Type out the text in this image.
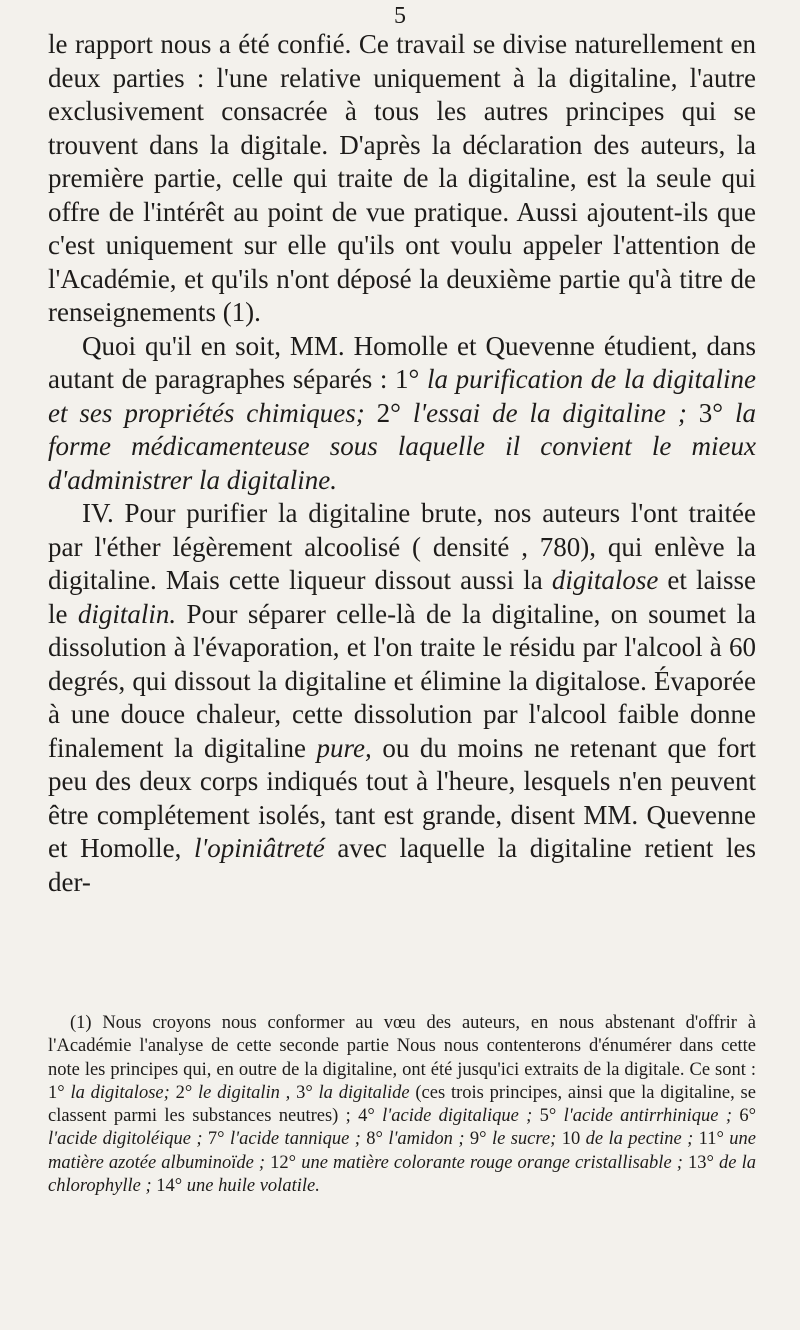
5

le rapport nous a été confié. Ce travail se divise naturellement en deux parties : l'une relative uniquement à la digitaline, l'autre exclusivement consacrée à tous les autres principes qui se trouvent dans la digitale. D'après la déclaration des auteurs, la première partie, celle qui traite de la digitaline, est la seule qui offre de l'intérêt au point de vue pratique. Aussi ajoutent-ils que c'est uniquement sur elle qu'ils ont voulu appeler l'attention de l'Académie, et qu'ils n'ont déposé la deuxième partie qu'à titre de renseignements (1).

Quoi qu'il en soit, MM. Homolle et Quevenne étudient, dans autant de paragraphes séparés : 1° la purification de la digitaline et ses propriétés chimiques; 2° l'essai de la digitaline ; 3° la forme médicamenteuse sous laquelle il convient le mieux d'administrer la digitaline.

IV. Pour purifier la digitaline brute, nos auteurs l'ont traitée par l'éther légèrement alcoolisé ( densité , 780), qui enlève la digitaline. Mais cette liqueur dissout aussi la digitalose et laisse le digitalin. Pour séparer celle-là de la digitaline, on soumet la dissolution à l'évaporation, et l'on traite le résidu par l'alcool à 60 degrés, qui dissout la digitaline et élimine la digitalose. Évaporée à une douce chaleur, cette dissolution par l'alcool faible donne finalement la digitaline pure, ou du moins ne retenant que fort peu des deux corps indiqués tout à l'heure, lesquels n'en peuvent être complétement isolés, tant est grande, disent MM. Quevenne et Homolle, l'opiniâtreté avec laquelle la digitaline retient les der-

(1) Nous croyons nous conformer au vœu des auteurs, en nous abstenant d'offrir à l'Académie l'analyse de cette seconde partie Nous nous contenterons d'énumérer dans cette note les principes qui, en outre de la digitaline, ont été jusqu'ici extraits de la digitale. Ce sont : 1° la digitalose; 2° le digitalin , 3° la digitalide (ces trois principes, ainsi que la digitaline, se classent parmi les substances neutres) ; 4° l'acide digitalique ; 5° l'acide antirrhinique ; 6° l'acide digitoléique ; 7° l'acide tannique ; 8° l'amidon ; 9° le sucre; 10 de la pectine ; 11° une matière azotée albuminoïde ; 12° une matière colorante rouge orange cristallisable ; 13° de la chlorophylle ; 14° une huile volatile.
